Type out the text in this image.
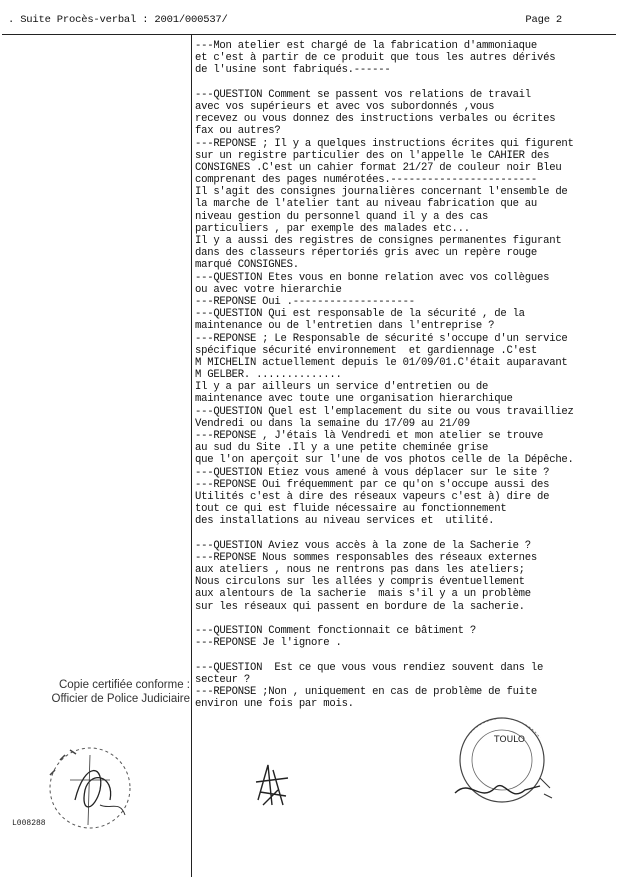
. Suite Procès-verbal : 2001/000537/	Page 2
---Mon atelier est chargé de la fabrication d'ammoniaque
et c'est à partir de ce produit que tous les autres dérivés
de l'usine sont fabriqués.------
---QUESTION Comment se passent vos relations de travail
avec vos supérieurs et avec vos subordonnés ,vous
recevez ou vous donnez des instructions verbales ou écrites
fax ou autres?
---REPONSE ; Il y a quelques instructions écrites qui figurent
sur un registre particulier des on l'appelle le CAHIER des
CONSIGNES .C'est un cahier format 21/27 de couleur noir Bleu
comprenant des pages numérotées.------------------------
Il s'agit des consignes journalières concernant l'ensemble de
la marche de l'atelier tant au niveau fabrication que au
niveau gestion du personnel quand il y a des cas
particuliers , par exemple des malades etc...
Il y a aussi des registres de consignes permanentes figurant
dans des classeurs répertoriés gris avec un repère rouge
marqué CONSIGNES.
---QUESTION Etes vous en bonne relation avec vos collègues
ou avec votre hierarchie
---REPONSE Oui .--------------------
---QUESTION Qui est responsable de la sécurité , de la
maintenance ou de l'entretien dans l'entreprise ?
---REPONSE ; Le Responsable de sécurité s'occupe d'un service
spécifique sécurité environnement  et gardiennage .C'est
M MICHELIN actuellement depuis le 01/09/01.C'était auparavant
M GELBER. ..............
Il y a par ailleurs un service d'entretien ou de
maintenance avec toute une organisation hierarchique
---QUESTION Quel est l'emplacement du site ou vous travailliez
Vendredi ou dans la semaine du 17/09 au 21/09
---REPONSE , J'étais là Vendredi et mon atelier se trouve
au sud du Site .Il y a une petite cheminée grise
que l'on aperçoit sur l'une de vos photos celle de la Dépêche.
---QUESTION Etiez vous amené à vous déplacer sur le site ?
---REPONSE Oui fréquemment par ce qu'on s'occupe aussi des
Utilités c'est à dire des réseaux vapeurs c'est à) dire de
tout ce qui est fluide nécessaire au fonctionnement
des installations au niveau services et  utilité.
---QUESTION Aviez vous accès à la zone de la Sacherie ?
---REPONSE Nous sommes responsables des réseaux externes
aux ateliers , nous ne rentrons pas dans les ateliers;
Nous circulons sur les allées y compris éventuellement
aux alentours de la sacherie  mais s'il y a un problème
sur les réseaux qui passent en bordure de la sacherie.
---QUESTION Comment fonctionnait ce bâtiment ?
---REPONSE Je l'ignore .
---QUESTION  Est ce que vous vous rendiez souvent dans le
secteur ?
---REPONSE ;Non , uniquement en cas de problème de fuite
environ une fois par mois.
Copie certifiée conforme :
Officier de Police Judiciaire
L008288
TOULO
